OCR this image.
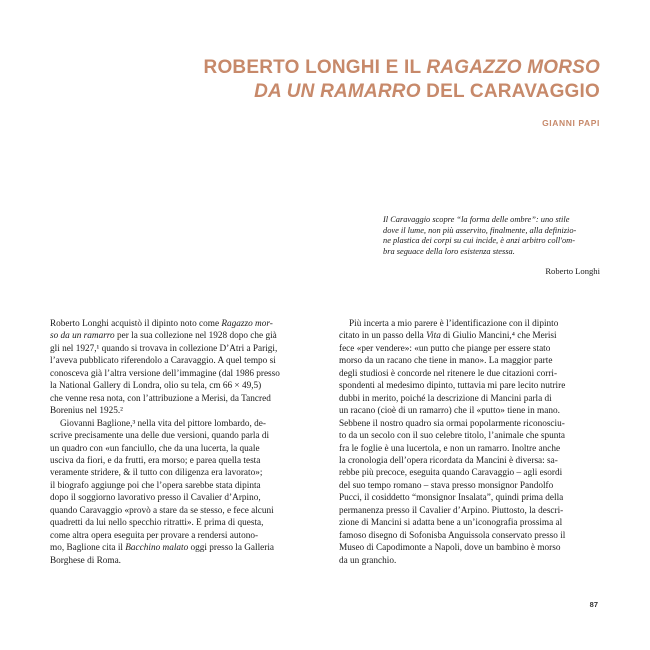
ROBERTO LONGHI E IL RAGAZZO MORSO
DA UN RAMARRO DEL CARAVAGGIO
GIANNI PAPI
Il Caravaggio scopre “la forma delle ombre”: uno stile
dove il lume, non più asservito, finalmente, alla definizio-
ne plastica dei corpi su cui incide, è anzi arbitro coll'om-
bra seguace della loro esistenza stessa.
Roberto Longhi
Roberto Longhi acquistò il dipinto noto come Ragazzo mor-
so da un ramarro per la sua collezione nel 1928 dopo che già
gli nel 1927,¹ quando si trovava in collezione D’Atri a Parigi,
l’aveva pubblicato riferendolo a Caravaggio. A quel tempo si
conosceva già l’altra versione dell’immagine (dal 1986 presso
la National Gallery di Londra, olio su tela, cm 66 × 49,5)
che venne resa nota, con l’attribuzione a Merisi, da Tancred
Borenius nel 1925.²
Giovanni Baglione,³ nella vita del pittore lombardo, de-
scrive precisamente una delle due versioni, quando parla di
un quadro con «un fanciullo, che da una lucerta, la quale
usciva da fiori, e da frutti, era morso; e parea quella testa
veramente stridere, & il tutto con diligenza era lavorato»;
il biografo aggiunge poi che l’opera sarebbe stata dipinta
dopo il soggiorno lavorativo presso il Cavalier d’Arpino,
quando Caravaggio «provò a stare da se stesso, e fece alcuni
quadretti da lui nello specchio ritratti». E prima di questa,
come altra opera eseguita per provare a rendersi autono-
mo, Baglione cita il Bacchino malato oggi presso la Galleria
Borghese di Roma.
Più incerta a mio parere è l’identificazione con il dipinto
citato in un passo della Vita di Giulio Mancini,⁴ che Merisi
fece «per vendere»: «un putto che piange per essere stato
morso da un racano che tiene in mano». La maggior parte
degli studiosi è concorde nel ritenere le due citazioni corri-
spondenti al medesimo dipinto, tuttavia mi pare lecito nutrire
dubbi in merito, poiché la descrizione di Mancini parla di
un racano (cioè di un ramarro) che il «putto» tiene in mano.
Sebbene il nostro quadro sia ormai popolarmente riconosciu-
to da un secolo con il suo celebre titolo, l’animale che spunta
fra le foglie è una lucertola, e non un ramarro. Inoltre anche
la cronologia dell’opera ricordata da Mancini è diversa: sa-
rebbe più precoce, eseguita quando Caravaggio – agli esordi
del suo tempo romano – stava presso monsignor Pandolfo
Pucci, il cosiddetto “monsignor Insalata”, quindi prima della
permanenza presso il Cavalier d’Arpino. Piuttosto, la descri-
zione di Mancini si adatta bene a un’iconografia prossima al
famoso disegno di Sofonisba Anguissola conservato presso il
Museo di Capodimonte a Napoli, dove un bambino è morso
da un granchio.
87
